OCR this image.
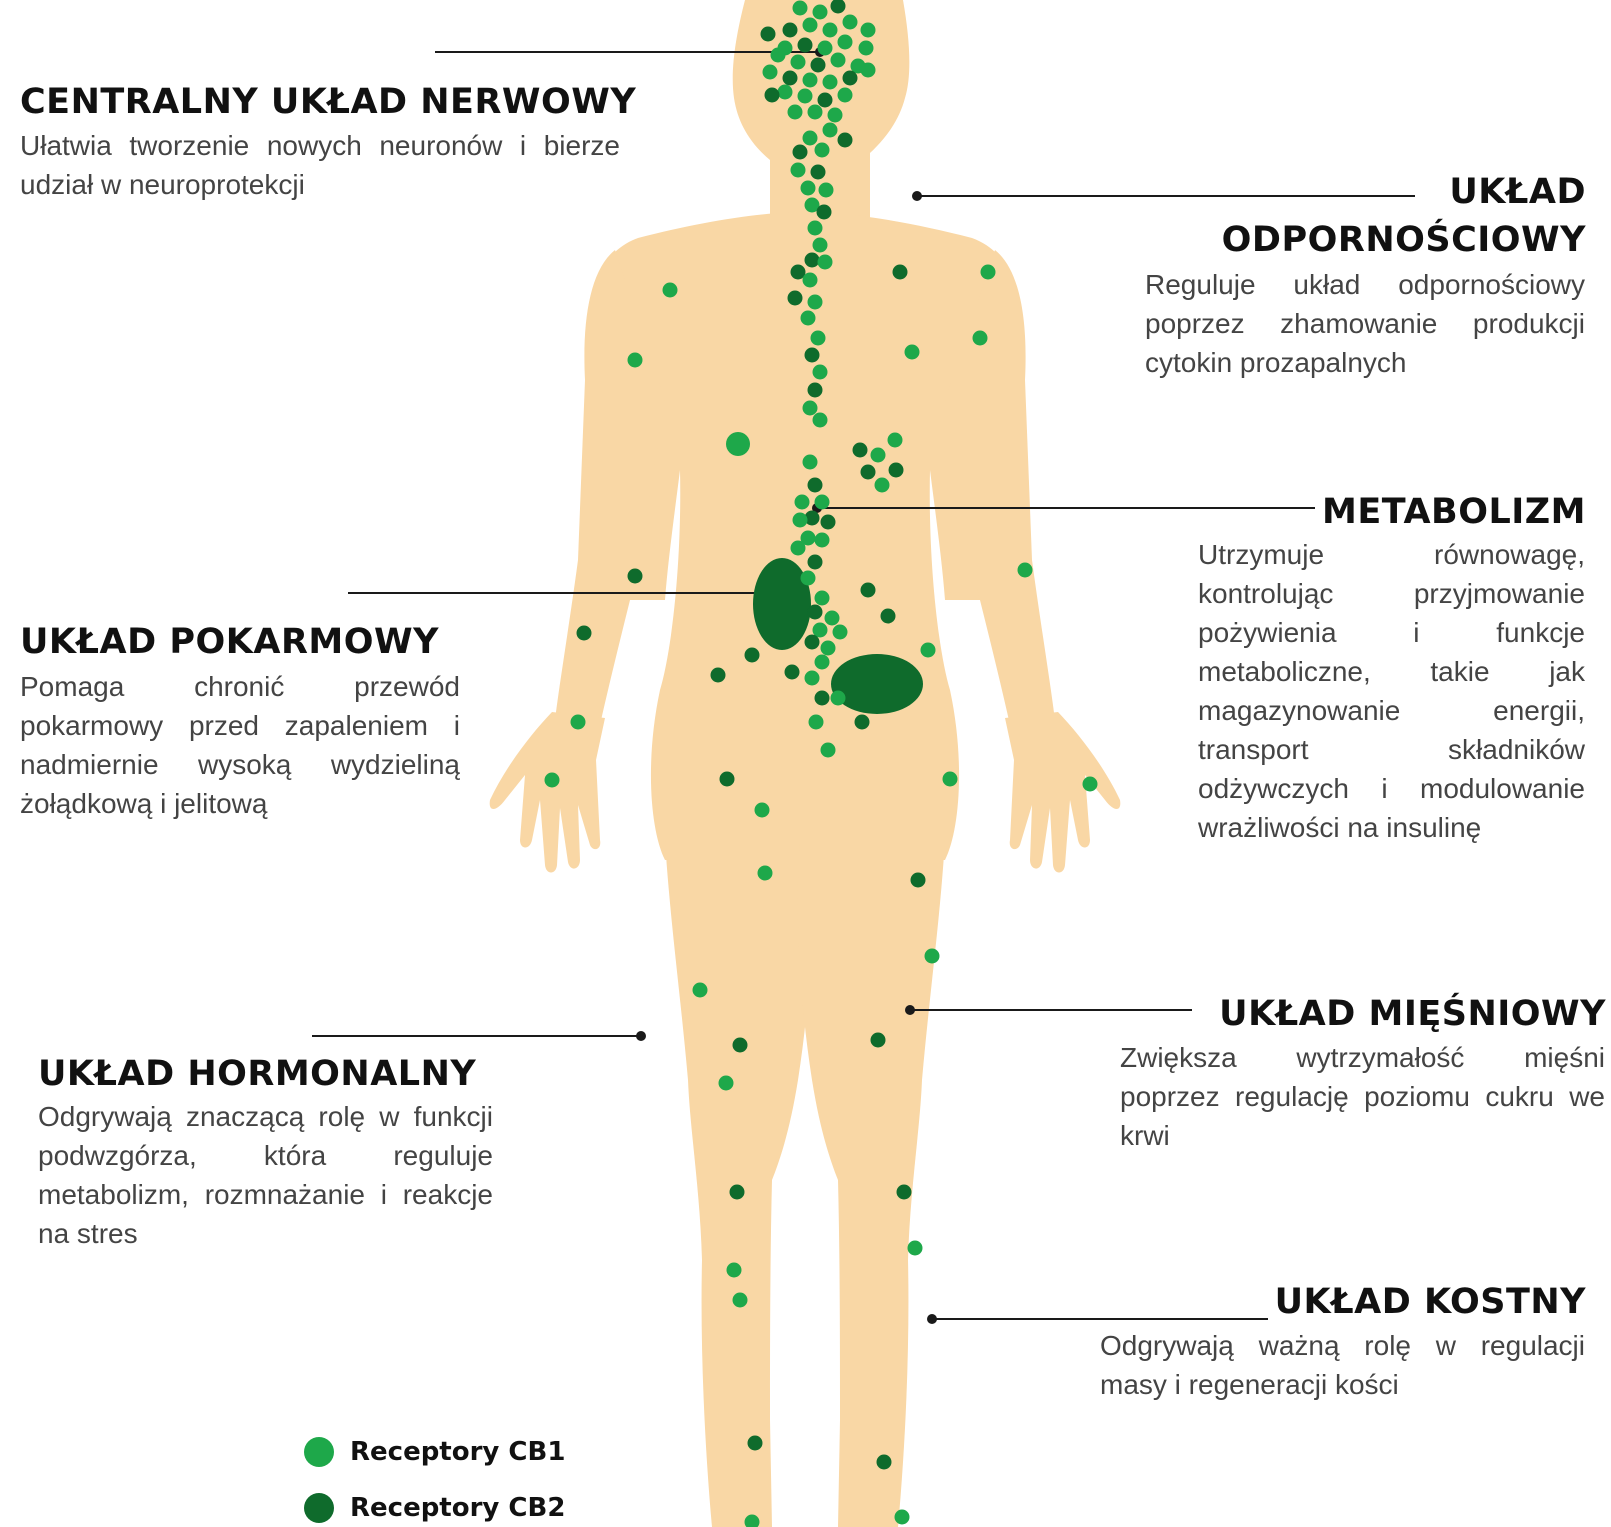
CENTRALNY UKŁAD NERWOWY

Ułatwia tworzenie nowych neuronów i bierze udział w neuroprotekcji	UKŁAD
ODPORNOŚCIOWY

Reguluje układ odpornościowy poprzez zhamowanie produkcji cytokin prozapalnych

METABOLIZM

Utrzymuje równowagę, kontrolując przyjmowanie pożywienia i funkcje metaboliczne, takie jak magazynowanie energii, transport składników odżywczych i modulowanie wrażliwości na insulinę

UKŁAD POKARMOWY

Pomaga chronić przewód pokarmowy przed zapaleniem i nadmiernie wysoką wydzieliną żołądkową i jelitową

UKŁAD HORMONALNY

Odgrywają znaczącą rolę w funkcji podwzgórza, która reguluje metabolizm, rozmnażanie i reakcje na stres

UKŁAD MIĘŚNIOWY

Zwiększa wytrzymałość mięśni poprzez regulację poziomu cukru we krwi

UKŁAD KOSTNY

Odgrywają ważną rolę w regulacji masy i regeneracji kości

Receptory CB1
Receptory CB2
